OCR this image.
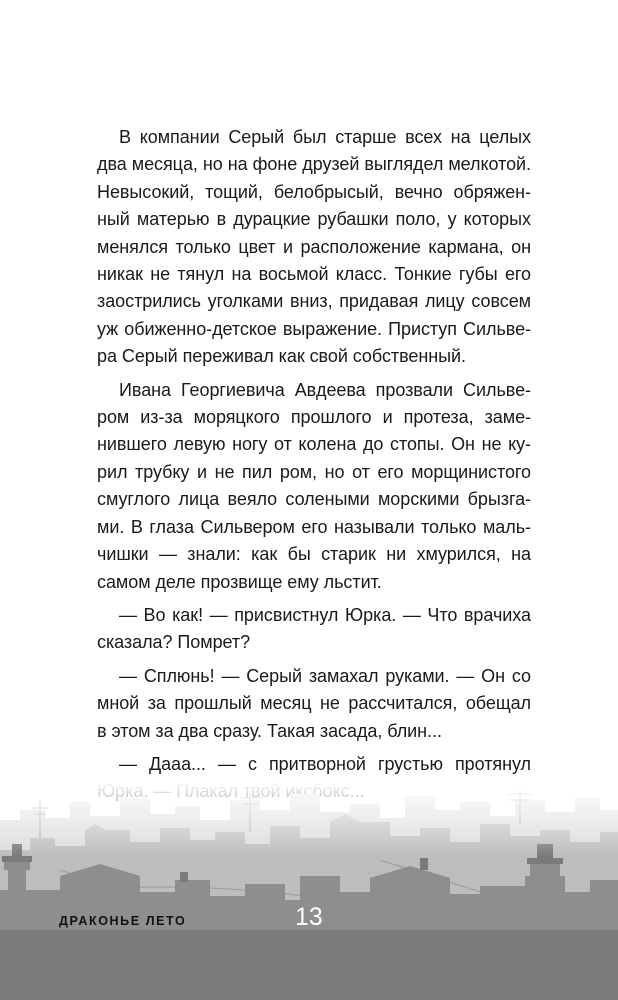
В компании Серый был старше всех на целых
два месяца, но на фоне друзей выглядел мелкотой.
Невысокий, тощий, белобрысый, вечно обряжен-
ный матерью в дурацкие рубашки поло, у которых
менялся только цвет и расположение кармана, он
никак не тянул на восьмой класс. Тонкие губы его
заострились уголками вниз, придавая лицу совсем
уж обиженно-детское выражение. Приступ Сильве-
ра Серый переживал как свой собственный.

Ивана Георгиевича Авдеева прозвали Сильве-
ром из-за моряцкого прошлого и протеза, заме-
нившего левую ногу от колена до стопы. Он не ку-
рил трубку и не пил ром, но от его морщинистого
смуглого лица веяло солеными морскими брызга-
ми. В глаза Сильвером его называли только маль-
чишки — знали: как бы старик ни хмурился, на
самом деле прозвище ему льстит.

— Во как! — присвистнул Юрка. — Что врачиха
сказала? Помрет?

— Сплюнь! — Серый замахал руками. — Он со
мной за прошлый месяц не рассчитался, обещал
в этом за два сразу. Такая засада, блин...

— Дааа... — с притворной грустью протянул

ДРАКОНЬЕ ЛЕТО	13
